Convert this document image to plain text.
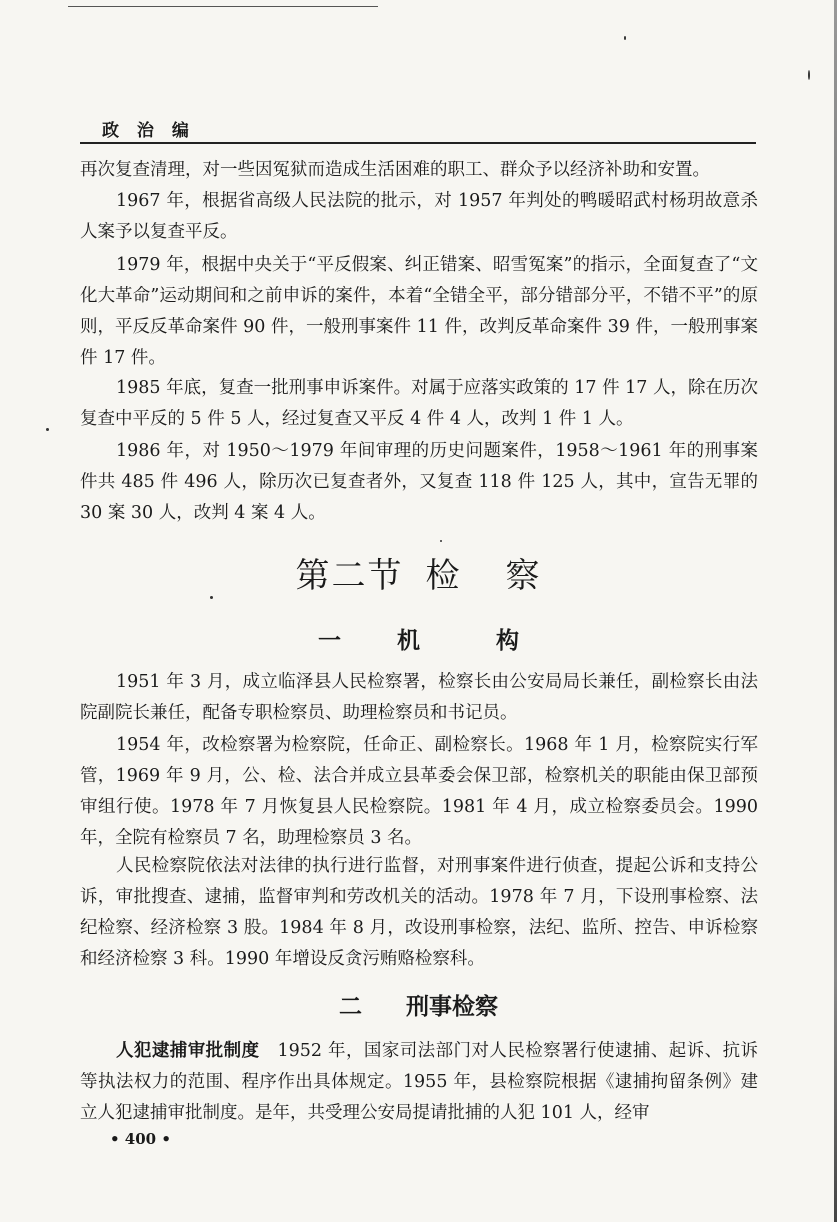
政 治 编

再次复查清理，对一些因冤狱而造成生活困难的职工、群众予以经济补助和安置。

1967 年，根据省高级人民法院的批示，对 1957 年判处的鸭暖昭武村杨玥故意杀人案予以复查平反。

1979 年，根据中央关于“平反假案、纠正错案、昭雪冤案”的指示，全面复查了“文化大革命”运动期间和之前申诉的案件，本着“全错全平，部分错部分平，不错不平”的原则，平反反革命案件 90 件，一般刑事案件 11 件，改判反革命案件 39 件，一般刑事案件 17 件。

1985 年底，复查一批刑事申诉案件。对属于应落实政策的 17 件 17 人，除在历次复查中平反的 5 件 5 人，经过复查又平反 4 件 4 人，改判 1 件 1 人。

1986 年，对 1950～1979 年间审理的历史问题案件，1958～1961 年的刑事案件共 485 件 496 人，除历次已复查者外，又复查 118 件 125 人，其中，宣告无罪的 30 案 30 人，改判 4 案 4 人。

第二节 检 察
一 机	构

1951 年 3 月，成立临泽县人民检察署，检察长由公安局局长兼任，副检察长由法院副院长兼任，配备专职检察员、助理检察员和书记员。

1954 年，改检察署为检察院，任命正、副检察长。1968 年 1 月，检察院实行军管，1969 年 9 月，公、检、法合并成立县革委会保卫部，检察机关的职能由保卫部预审组行使。1978 年 7 月恢复县人民检察院。1981 年 4 月，成立检察委员会。1990 年，全院有检察员 7 名，助理检察员 3 名。

人民检察院依法对法律的执行进行监督，对刑事案件进行侦查，提起公诉和支持公诉，审批搜查、逮捕，监督审判和劳改机关的活动。1978 年 7 月，下设刑事检察、法纪检察、经济检察 3 股。1984 年 8 月，改设刑事检察，法纪、监所、控告、申诉检察和经济检察 3 科。1990 年增设反贪污贿赂检察科。

二 刑事检察

人犯逮捕审批制度 1952 年，国家司法部门对人民检察署行使逮捕、起诉、抗诉等执法权力的范围、程序作出具体规定。1955 年，县检察院根据《逮捕拘留条例》建立人犯逮捕审批制度。是年，共受理公安局提请批捕的人犯 101 人，经审

• 400 •
